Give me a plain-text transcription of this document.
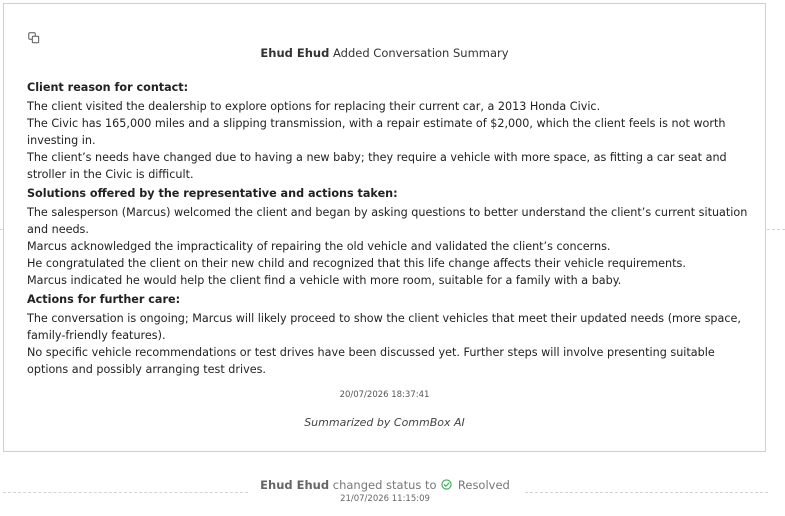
Ehud Ehud Added Conversation Summary
Client reason for contact:

The client visited the dealership to explore options for replacing their current car, a 2013 Honda Civic.

The Civic has 165,000 miles and a slipping transmission, with a repair estimate of $2,000, which the client feels is not worth investing in.

The client’s needs have changed due to having a new baby; they require a vehicle with more space, as fitting a car seat and stroller in the Civic is difficult.

Solutions offered by the representative and actions taken:

The salesperson (Marcus) welcomed the client and began by asking questions to better understand the client’s current situation and needs.

Marcus acknowledged the impracticality of repairing the old vehicle and validated the client’s concerns.

He congratulated the client on their new child and recognized that this life change affects their vehicle requirements.

Marcus indicated he would help the client find a vehicle with more room, suitable for a family with a baby.

Actions for further care:

The conversation is ongoing; Marcus will likely proceed to show the client vehicles that meet their updated needs (more space, family-friendly features).

No specific vehicle recommendations or test drives have been discussed yet. Further steps will involve presenting suitable options and possibly arranging test drives.

20/07/2026 18:37:41
Summarized by CommBox AI
Ehud Ehud changed status to Resolved
21/07/2026 11:15:09
